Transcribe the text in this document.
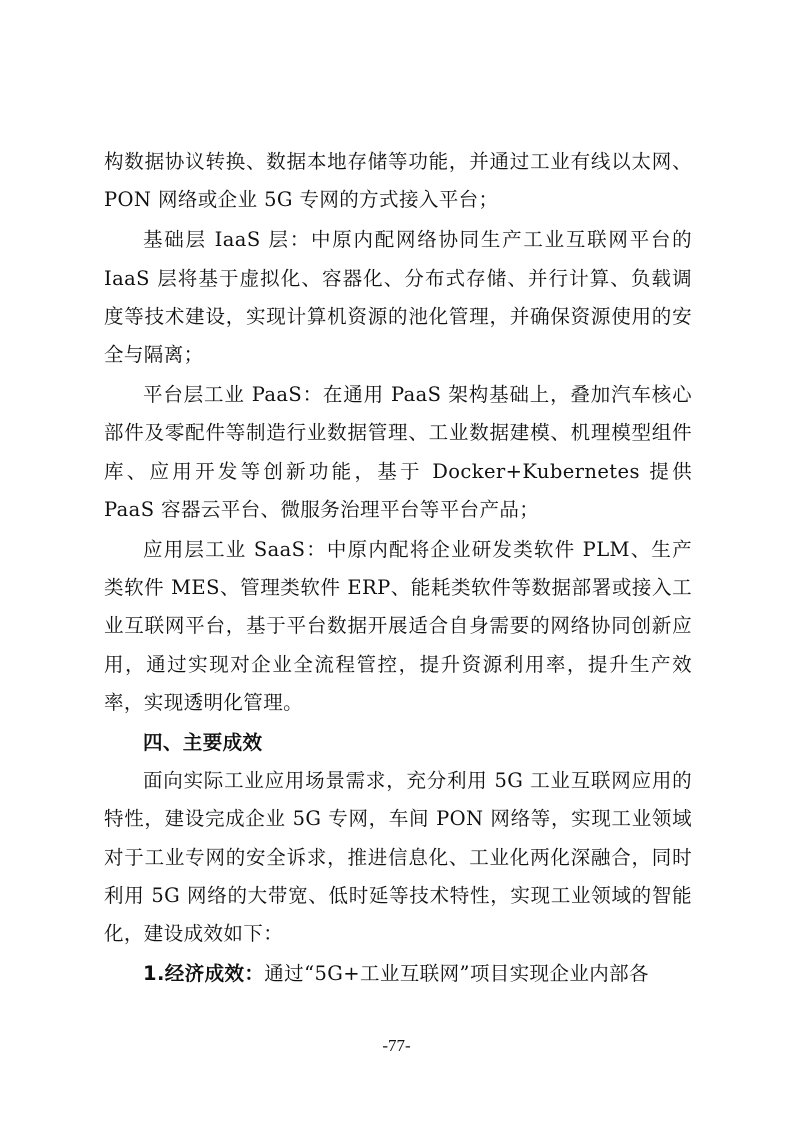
构数据协议转换、数据本地存储等功能，并通过工业有线以太网、PON 网络或企业 5G 专网的方式接入平台；

基础层 IaaS 层：中原内配网络协同生产工业互联网平台的 IaaS 层将基于虚拟化、容器化、分布式存储、并行计算、负载调度等技术建设，实现计算机资源的池化管理，并确保资源使用的安全与隔离；

平台层工业 PaaS：在通用 PaaS 架构基础上，叠加汽车核心部件及零配件等制造行业数据管理、工业数据建模、机理模型组件库、应用开发等创新功能，基于 Docker+Kubernetes 提供 PaaS 容器云平台、微服务治理平台等平台产品；

应用层工业 SaaS：中原内配将企业研发类软件 PLM、生产类软件 MES、管理类软件 ERP、能耗类软件等数据部署或接入工业互联网平台，基于平台数据开展适合自身需要的网络协同创新应用，通过实现对企业全流程管控，提升资源利用率，提升生产效率，实现透明化管理。

四、主要成效

面向实际工业应用场景需求，充分利用 5G 工业互联网应用的特性，建设完成企业 5G 专网，车间 PON 网络等，实现工业领域对于工业专网的安全诉求，推进信息化、工业化两化深融合，同时利用 5G 网络的大带宽、低时延等技术特性，实现工业领域的智能化，建设成效如下：

1.经济成效：通过“5G+工业互联网”项目实现企业内部各

-77-
